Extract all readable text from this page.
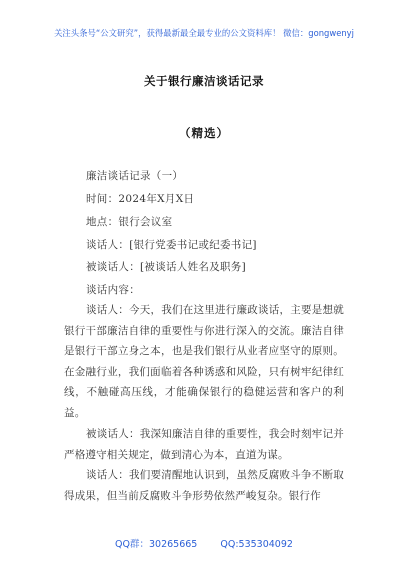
关注头条号“公文研究”，获得最新最全最专业的公文资料库！ 微信：gongwenyj
关于银行廉洁谈话记录
（精选）
廉洁谈话记录（一）
时间：2024年X月X日
地点：银行会议室
谈话人：[银行党委书记或纪委书记]
被谈话人：[被谈话人姓名及职务]
谈话内容：
谈话人：今天，我们在这里进行廉政谈话，主要是想就银行干部廉洁自律的重要性与你进行深入的交流。廉洁自律是银行干部立身之本，也是我们银行从业者应坚守的原则。在金融行业，我们面临着各种诱惑和风险，只有树牢纪律红线，不触碰高压线，才能确保银行的稳健运营和客户的利益。
被谈话人：我深知廉洁自律的重要性，我会时刻牢记并严格遵守相关规定，做到清心为本，直道为谋。
谈话人：我们要清醒地认识到，虽然反腐败斗争不断取得成果，但当前反腐败斗争形势依然严峻复杂。银行作
QQ群：30265665 QQ:535304092
